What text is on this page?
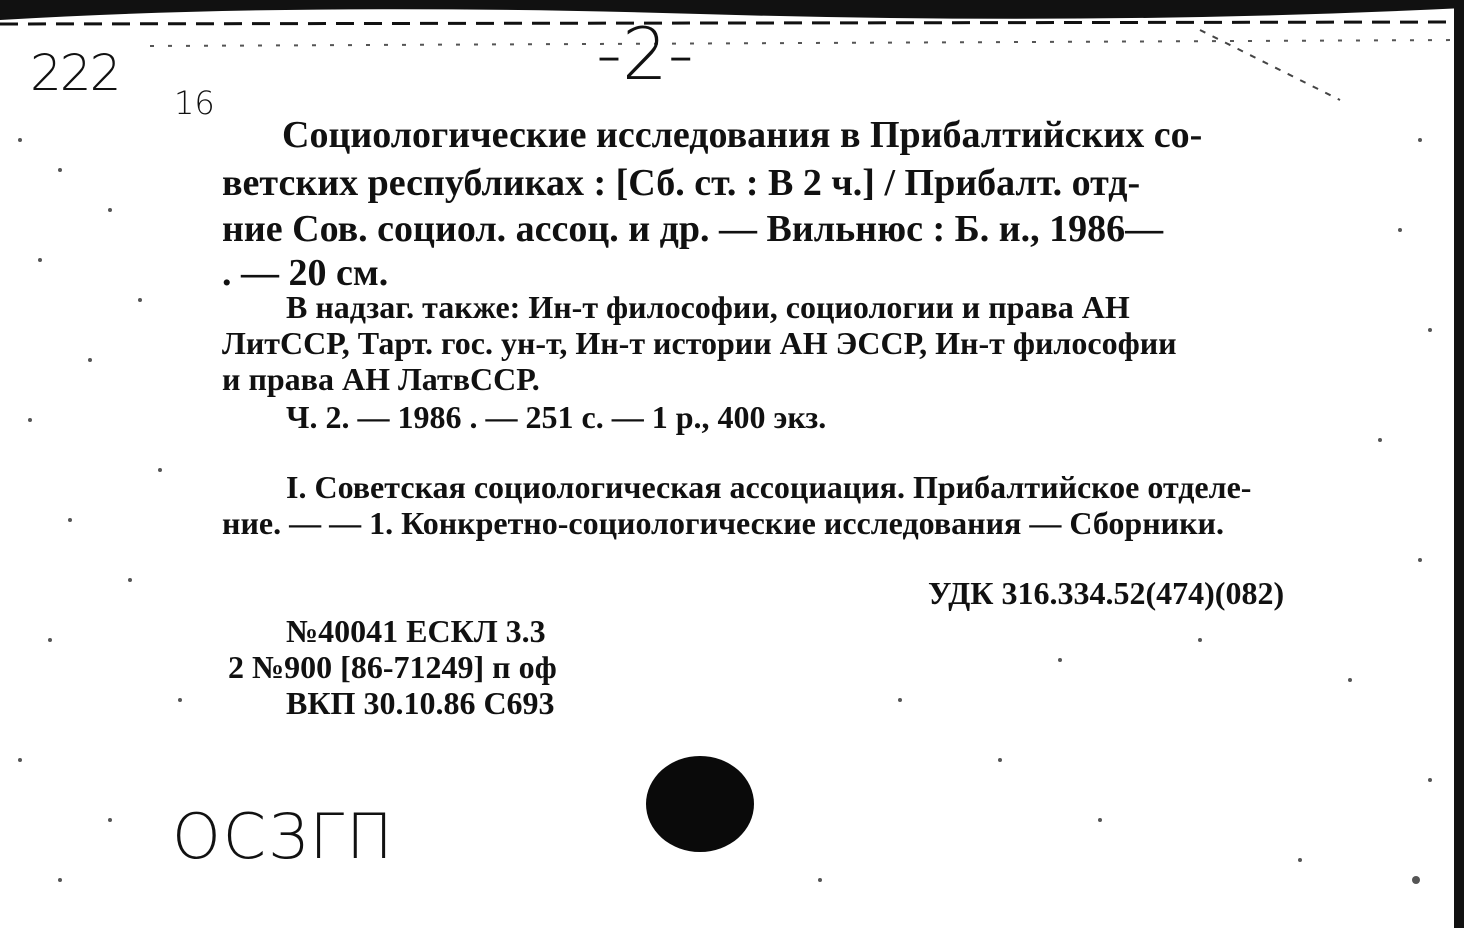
222
16
-2-
Социологические исследования в Прибалтийских со-
ветских республиках : [Сб. ст. : В 2 ч.] / Прибалт. отд-
ние Сов. социол. ассоц. и др. — Вильнюс : Б. и., 1986—
. — 20 см.
В надзаг. также: Ин-т философии, социологии и права АН
ЛитССР, Тарт. гос. ун-т, Ин-т истории АН ЭССР, Ин-т философии
и права АН ЛатвССР.
Ч. 2. — 1986 . — 251 с. — 1 р., 400 экз.
I. Советская социологическая ассоциация. Прибалтийское отделе-
ние. — — 1. Конкретно-социологические исследования — Сборники.
УДК 316.334.52(474)(082)
№40041 ЕСКЛ 3.3
2 №900 [86-71249] п оф
ВКП 30.10.86 С693
ОСЗГП
